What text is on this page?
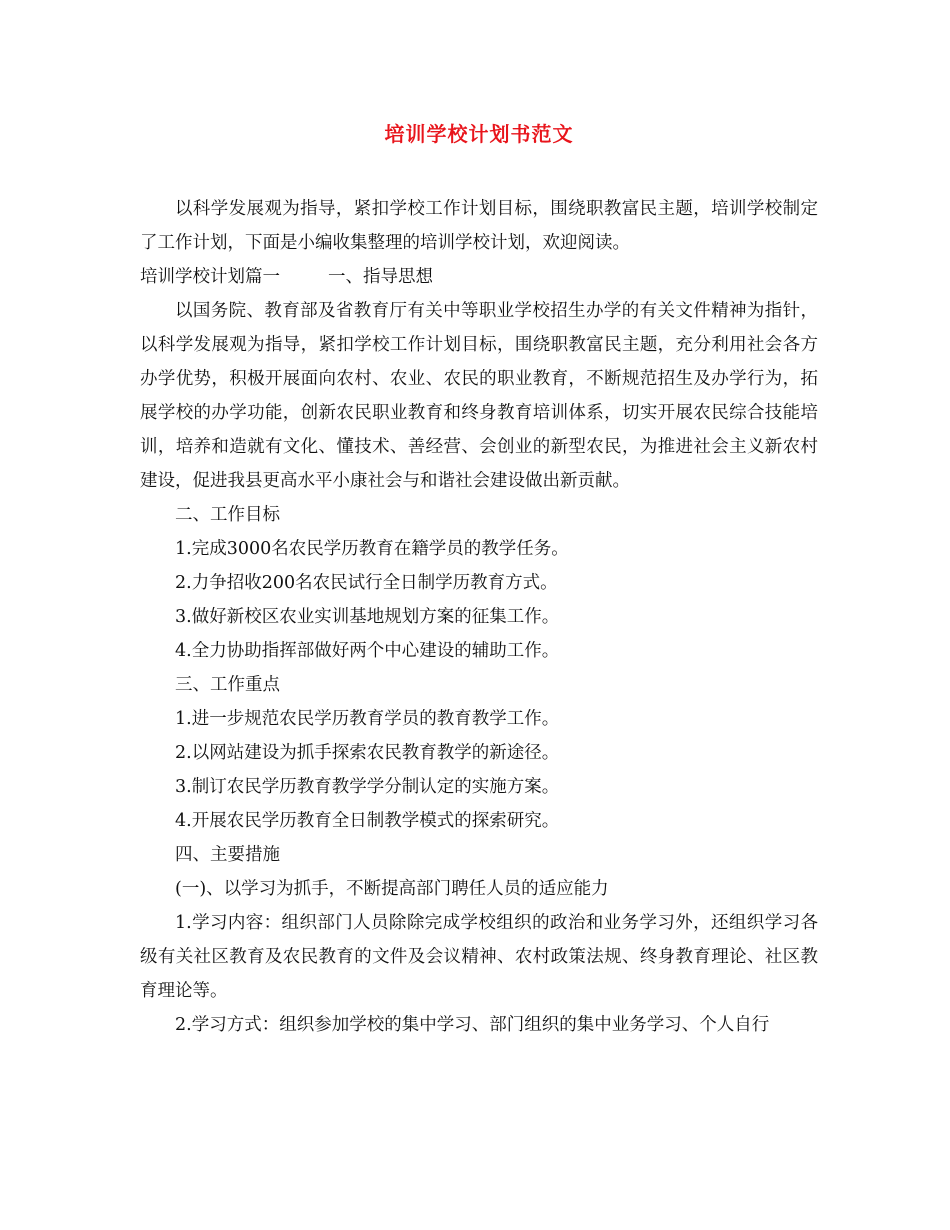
培训学校计划书范文

以科学发展观为指导，紧扣学校工作计划目标，围绕职教富民主题，培训学校制定了工作计划，下面是小编收集整理的培训学校计划，欢迎阅读。

培训学校计划篇一	一、指导思想

以国务院、教育部及省教育厅有关中等职业学校招生办学的有关文件精神为指针，以科学发展观为指导，紧扣学校工作计划目标，围绕职教富民主题，充分利用社会各方办学优势，积极开展面向农村、农业、农民的职业教育，不断规范招生及办学行为，拓展学校的办学功能，创新农民职业教育和终身教育培训体系，切实开展农民综合技能培训，培养和造就有文化、懂技术、善经营、会创业的新型农民，为推进社会主义新农村建设，促进我县更高水平小康社会与和谐社会建设做出新贡献。

二、工作目标

1.完成3000名农民学历教育在籍学员的教学任务。

2.力争招收200名农民试行全日制学历教育方式。

3.做好新校区农业实训基地规划方案的征集工作。

4.全力协助指挥部做好两个中心建设的辅助工作。

三、工作重点

1.进一步规范农民学历教育学员的教育教学工作。

2.以网站建设为抓手探索农民教育教学的新途径。

3.制订农民学历教育教学学分制认定的实施方案。

4.开展农民学历教育全日制教学模式的探索研究。

四、主要措施

(一)、以学习为抓手，不断提高部门聘任人员的适应能力

1.学习内容：组织部门人员除除完成学校组织的政治和业务学习外，还组织学习各级有关社区教育及农民教育的文件及会议精神、农村政策法规、终身教育理论、社区教育理论等。

2.学习方式：组织参加学校的集中学习、部门组织的集中业务学习、个人自行
